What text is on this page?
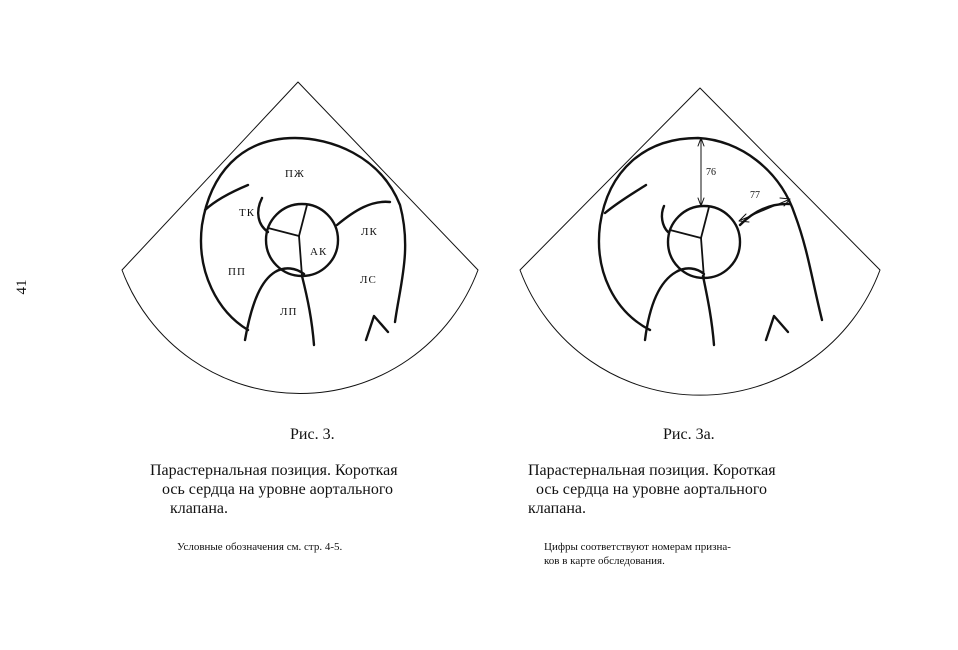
41
ПЖ
ТК
ЛК
АК
ПП
ЛС
ЛП
76
77
Рис. 3.	Рис. 3а.
Парастернальная позиция. Короткая
ось сердца на уровне аортального
клапана.
Парастернальная позиция. Короткая
ось сердца на уровне аортального
клапана.
Условные обозначения см. стр. 4-5.	Цифры соответствуют номерам призна-
ков в карте обследования.
